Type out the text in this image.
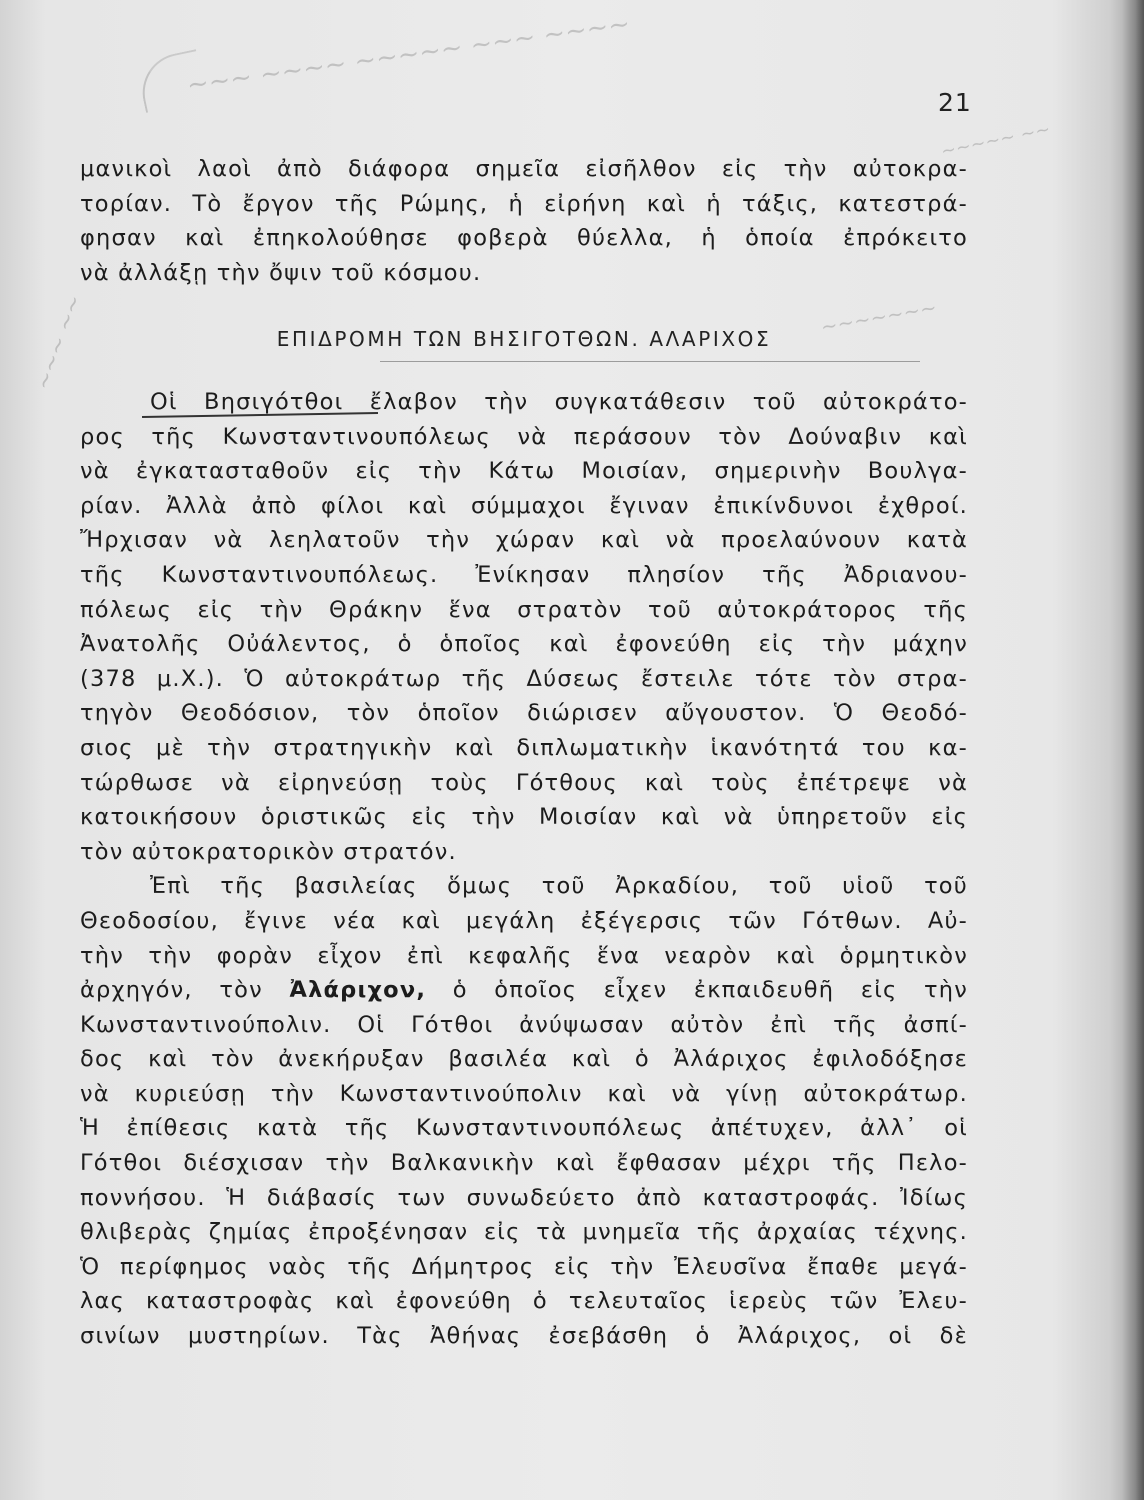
~~~ ~~~~ ~~~~~ ~~~ ~~~~
~~~~~ ~~
~~~~~~~
~~~ ~~
21
μανικοὶ λαοὶ ἀπὸ διάφορα σημεῖα εἰσῆλθον εἰς τὴν αὐτοκρα-
τορίαν. Τὸ ἔργον τῆς Ρώμης, ἡ εἰρήνη καὶ ἡ τάξις, κατεστρά-
φησαν καὶ ἐπηκολούθησε φοβερὰ θύελλα, ἡ ὁποία ἐπρόκειτο
νὰ ἀλλάξῃ τὴν ὄψιν τοῦ κόσμου.
ΕΠΙΔΡΟΜΗ ΤΩΝ ΒΗΣΙΓΟΤΘΩΝ. ΑΛΑΡΙΧΟΣ
Οἱ Βησιγότθοι ἔλαβον τὴν συγκατάθεσιν τοῦ αὐτοκράτο-
ρος τῆς Κωνσταντινουπόλεως νὰ περάσουν τὸν Δούναβιν καὶ
νὰ ἐγκατασταθοῦν εἰς τὴν Κάτω Μοισίαν, σημερινὴν Βουλγα-
ρίαν. Ἀλλὰ ἀπὸ φίλοι καὶ σύμμαχοι ἔγιναν ἐπικίνδυνοι ἐχθροί.
Ἤρχισαν νὰ λεηλατοῦν τὴν χώραν καὶ νὰ προελαύνουν κατὰ
τῆς Κωνσταντινουπόλεως. Ἐνίκησαν πλησίον τῆς Ἀδριανου-
πόλεως εἰς τὴν Θράκην ἕνα στρατὸν τοῦ αὐτοκράτορος τῆς
Ἀνατολῆς Οὐάλεντος, ὁ ὁποῖος καὶ ἐφονεύθη εἰς τὴν μάχην
(378 μ.Χ.). Ὁ αὐτοκράτωρ τῆς Δύσεως ἔστειλε τότε τὸν στρα-
τηγὸν Θεοδόσιον, τὸν ὁποῖον διώρισεν αὔγουστον. Ὁ Θεοδό-
σιος μὲ τὴν στρατηγικὴν καὶ διπλωματικὴν ἱκανότητά του κα-
τώρθωσε νὰ εἰρηνεύσῃ τοὺς Γότθους καὶ τοὺς ἐπέτρεψε νὰ
κατοικήσουν ὁριστικῶς εἰς τὴν Μοισίαν καὶ νὰ ὑπηρετοῦν εἰς
τὸν αὐτοκρατορικὸν στρατόν.
Ἐπὶ τῆς βασιλείας ὅμως τοῦ Ἀρκαδίου, τοῦ υἱοῦ τοῦ
Θεοδοσίου, ἔγινε νέα καὶ μεγάλη ἐξέγερσις τῶν Γότθων. Αὐ-
τὴν τὴν φορὰν εἶχον ἐπὶ κεφαλῆς ἕνα νεαρὸν καὶ ὁρμητικὸν
ἀρχηγόν, τὸν Ἀλάριχον, ὁ ὁποῖος εἶχεν ἐκπαιδευθῆ εἰς τὴν
Κωνσταντινούπολιν. Οἱ Γότθοι ἀνύψωσαν αὐτὸν ἐπὶ τῆς ἀσπί-
δος καὶ τὸν ἀνεκήρυξαν βασιλέα καὶ ὁ Ἀλάριχος ἐφιλοδόξησε
νὰ κυριεύσῃ τὴν Κωνσταντινούπολιν καὶ νὰ γίνῃ αὐτοκράτωρ.
Ἡ ἐπίθεσις κατὰ τῆς Κωνσταντινουπόλεως ἀπέτυχεν, ἀλλ᾽ οἱ
Γότθοι διέσχισαν τὴν Βαλκανικὴν καὶ ἔφθασαν μέχρι τῆς Πελο-
ποννήσου. Ἡ διάβασίς των συνωδεύετο ἀπὸ καταστροφάς. Ἰδίως
θλιβερὰς ζημίας ἐπροξένησαν εἰς τὰ μνημεῖα τῆς ἀρχαίας τέχνης.
Ὁ περίφημος ναὸς τῆς Δήμητρος εἰς τὴν Ἐλευσῖνα ἔπαθε μεγά-
λας καταστροφὰς καὶ ἐφονεύθη ὁ τελευταῖος ἱερεὺς τῶν Ἐλευ-
σινίων μυστηρίων. Τὰς Ἀθήνας ἐσεβάσθη ὁ Ἀλάριχος, οἱ δὲ
